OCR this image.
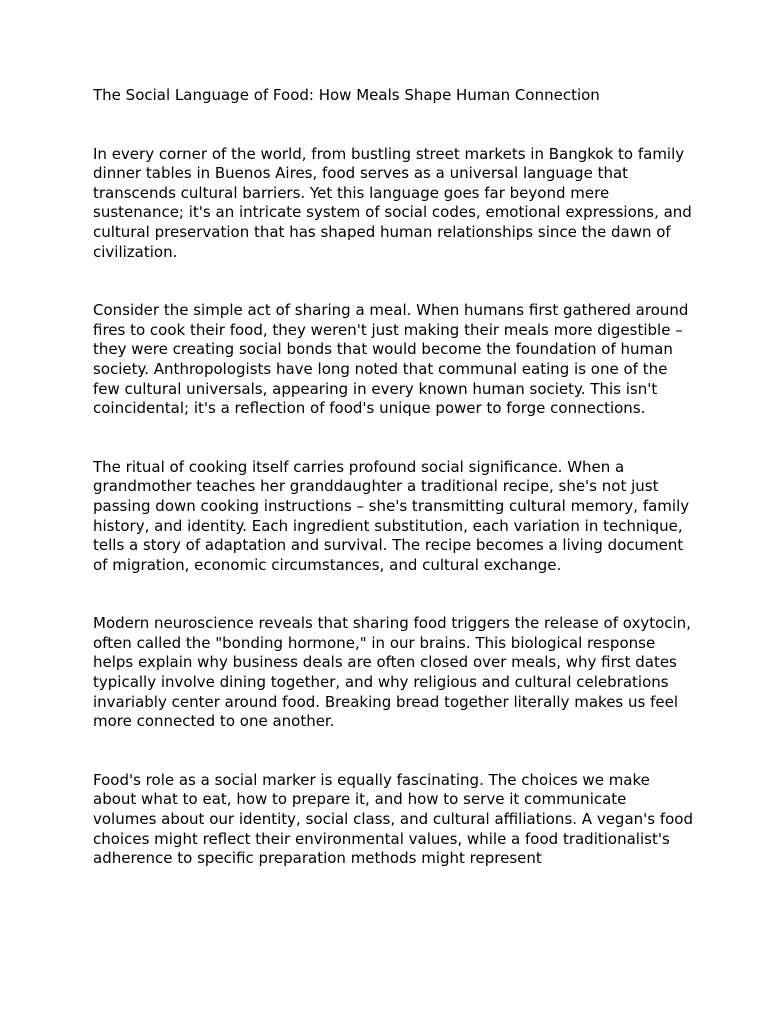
The Social Language of Food: How Meals Shape Human Connection

In every corner of the world, from bustling street markets in Bangkok to family dinner tables in Buenos Aires, food serves as a universal language that transcends cultural barriers. Yet this language goes far beyond mere sustenance; it's an intricate system of social codes, emotional expressions, and cultural preservation that has shaped human relationships since the dawn of civilization.

Consider the simple act of sharing a meal. When humans first gathered around fires to cook their food, they weren't just making their meals more digestible – they were creating social bonds that would become the foundation of human society. Anthropologists have long noted that communal eating is one of the few cultural universals, appearing in every known human society. This isn't coincidental; it's a reflection of food's unique power to forge connections.

The ritual of cooking itself carries profound social significance. When a grandmother teaches her granddaughter a traditional recipe, she's not just passing down cooking instructions – she's transmitting cultural memory, family history, and identity. Each ingredient substitution, each variation in technique, tells a story of adaptation and survival. The recipe becomes a living document of migration, economic circumstances, and cultural exchange.

Modern neuroscience reveals that sharing food triggers the release of oxytocin, often called the "bonding hormone," in our brains. This biological response helps explain why business deals are often closed over meals, why first dates typically involve dining together, and why religious and cultural celebrations invariably center around food. Breaking bread together literally makes us feel more connected to one another.

Food's role as a social marker is equally fascinating. The choices we make about what to eat, how to prepare it, and how to serve it communicate volumes about our identity, social class, and cultural affiliations. A vegan's food choices might reflect their environmental values, while a food traditionalist's adherence to specific preparation methods might represent
